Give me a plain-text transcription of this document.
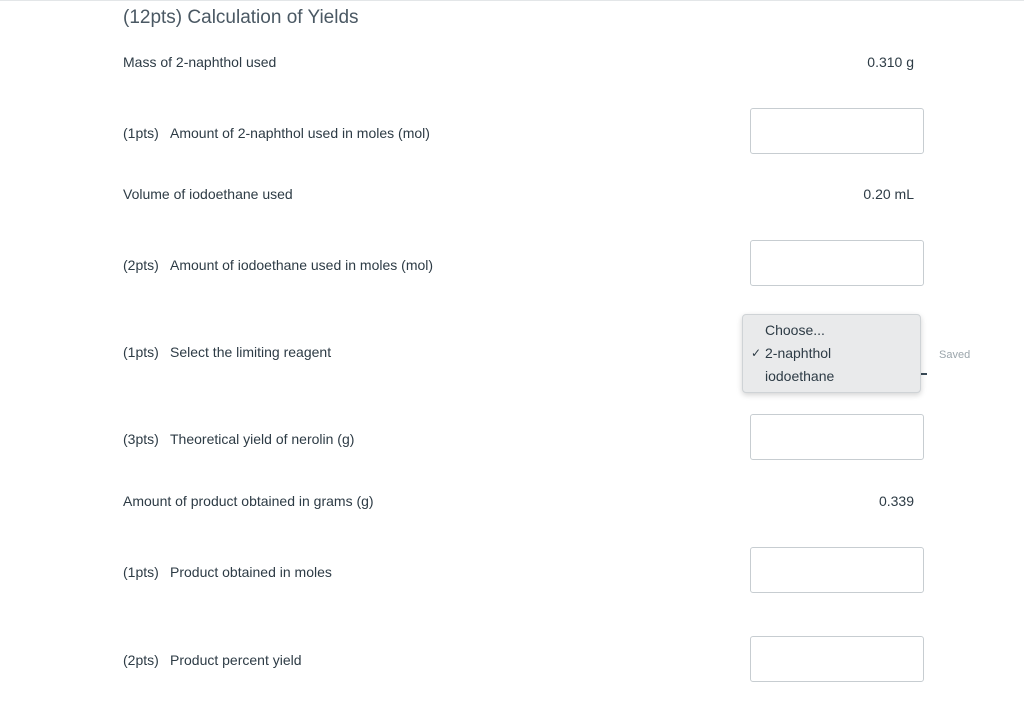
(12pts) Calculation of Yields
Mass of 2-naphthol used	0.310 g
(1pts) Amount of 2-naphthol used in moles (mol)
Volume of iodoethane used	0.20 mL
(2pts) Amount of iodoethane used in moles (mol)
(1pts) Select the limiting reagent
Choose...
✓ 2-naphthol
iodoethane
Saved
(3pts) Theoretical yield of nerolin (g)
Amount of product obtained in grams (g)	0.339
(1pts) Product obtained in moles
(2pts) Product percent yield
